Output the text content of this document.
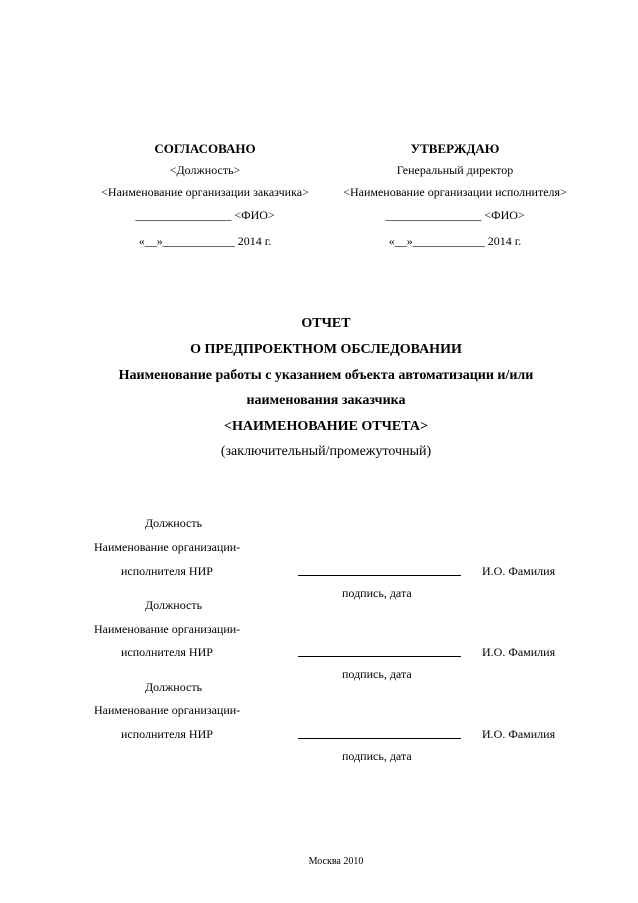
СОГЛАСОВАНО
<Должность>
<Наименование организации заказчика>
________________ <ФИО>
«__»____________ 2014 г.
УТВЕРЖДАЮ
Генеральный директор
<Наименование организации исполнителя>
________________ <ФИО>
«__»____________ 2014 г.
ОТЧЕТ
О ПРЕДПРОЕКТНОМ ОБСЛЕДОВАНИИ
Наименование работы с указанием объекта автоматизации и/или
наименования заказчика
<НАИМЕНОВАНИЕ ОТЧЕТА>
(заключительный/промежуточный)
Должность
Наименование организации-
исполнителя НИР	И.О. Фамилия
подпись, дата
Должность
Наименование организации-
исполнителя НИР	И.О. Фамилия
подпись, дата
Должность
Наименование организации-
исполнителя НИР	И.О. Фамилия
подпись, дата
Москва 2010
